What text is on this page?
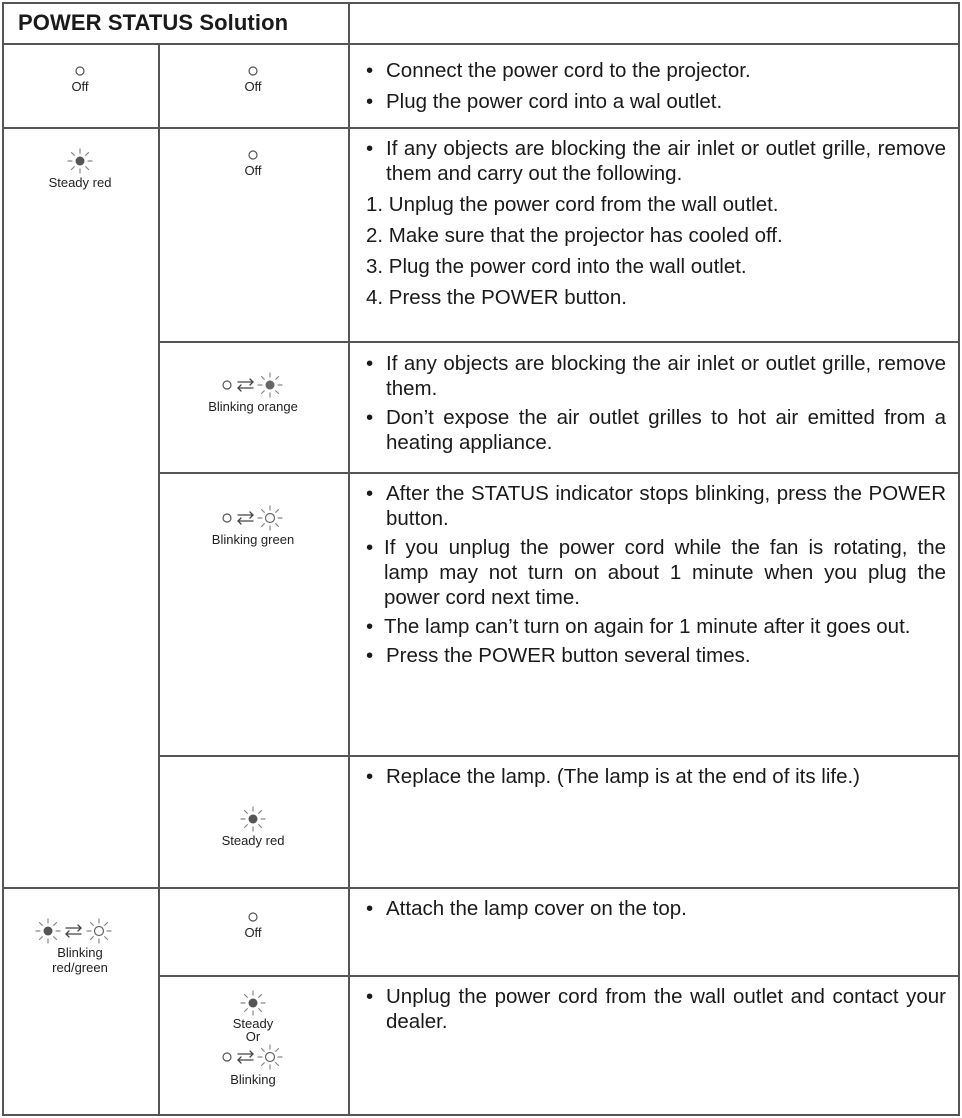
POWER STATUS Solution
Off	Off
• Connect the power cord to the projector.
• Plug the power cord into a wal outlet.
Steady red
Off
• If any objects are blocking the air inlet or outlet grille, remove them and carry out the following.
1. Unplug the power cord from the wall outlet.
2. Make sure that the projector has cooled off.
3. Plug the power cord into the wall outlet.
4. Press the POWER button.
Blinking orange
• If any objects are blocking the air inlet or outlet grille, remove them.
• Don’t expose the air outlet grilles to hot air emitted from a heating appliance.
Blinking green
• After the STATUS indicator stops blinking, press the POWER button.
• If you unplug the power cord while the fan is rotating, the lamp may not turn on about 1 minute when you plug the power cord next time.
• The lamp can’t turn on again for 1 minute after it goes out.
• Press the POWER button several times.
Steady red
• Replace the lamp. (The lamp is at the end of its life.)
Blinking red/green
Off
• Attach the lamp cover on the top.
Steady
Or
Blinking
• Unplug the power cord from the wall outlet and contact your dealer.
